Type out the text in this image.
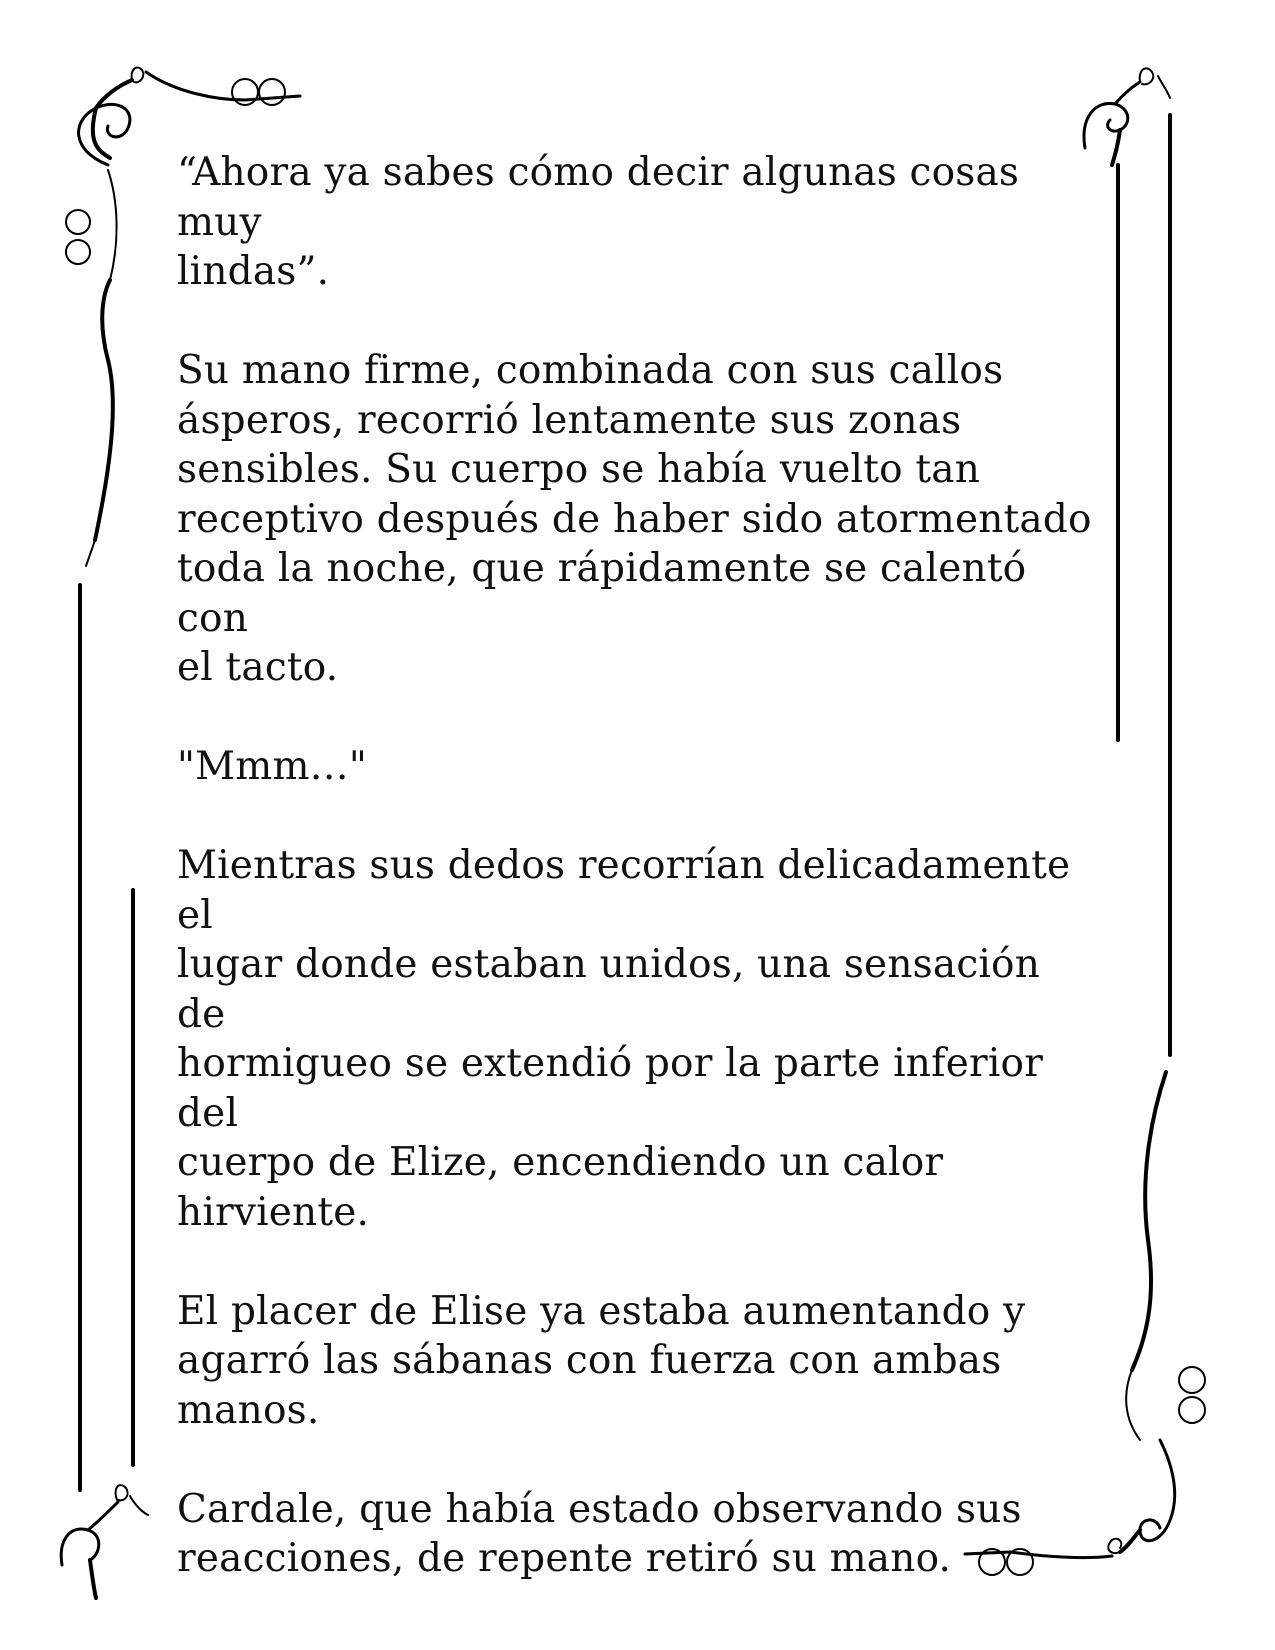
“Ahora ya sabes cómo decir algunas cosas muy
lindas”.

Su mano firme, combinada con sus callos
ásperos, recorrió lentamente sus zonas
sensibles. Su cuerpo se había vuelto tan
receptivo después de haber sido atormentado
toda la noche, que rápidamente se calentó con
el tacto.

"Mmm…"

Mientras sus dedos recorrían delicadamente el
lugar donde estaban unidos, una sensación de
hormigueo se extendió por la parte inferior del
cuerpo de Elize, encendiendo un calor
hirviente.

El placer de Elise ya estaba aumentando y
agarró las sábanas con fuerza con ambas
manos.

Cardale, que había estado observando sus
reacciones, de repente retiró su mano.
